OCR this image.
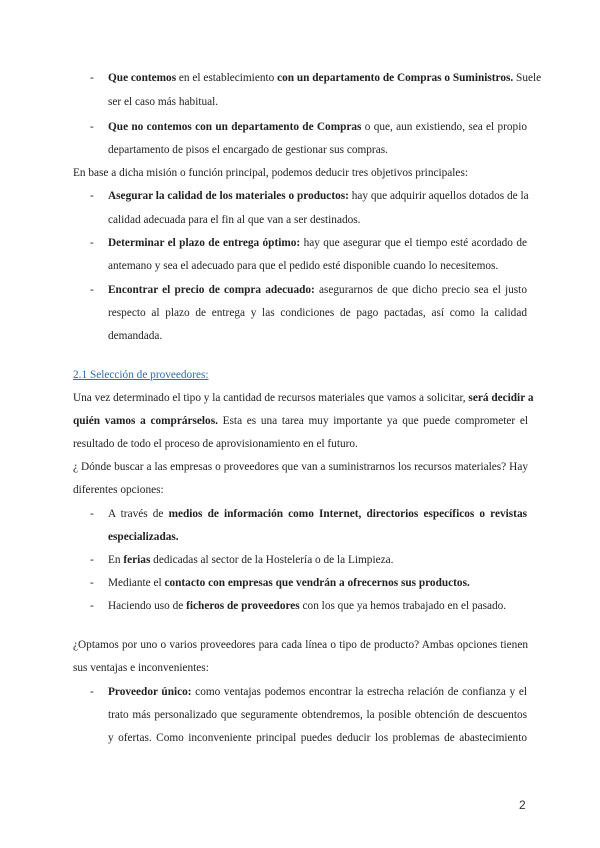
- Que contemos en el establecimiento con un departamento de Compras o Suministros. Suele
ser el caso más habitual.
- Que no contemos con un departamento de Compras o que, aun existiendo, sea el propio
departamento de pisos el encargado de gestionar sus compras.
En base a dicha misión o función principal, podemos deducir tres objetivos principales:
- Asegurar la calidad de los materiales o productos: hay que adquirir aquellos dotados de la
calidad adecuada para el fin al que van a ser destinados.
- Determinar el plazo de entrega óptimo: hay que asegurar que el tiempo esté acordado de
antemano y sea el adecuado para que el pedido esté disponible cuando lo necesitemos.
- Encontrar el precio de compra adecuado: asegurarnos de que dicho precio sea el justo
respecto al plazo de entrega y las condiciones de pago pactadas, así como la calidad
demandada.
2.1 Selección de proveedores:
Una vez determinado el tipo y la cantidad de recursos materiales que vamos a solicitar, será decidir a
quién vamos a comprárselos. Esta es una tarea muy importante ya que puede comprometer el
resultado de todo el proceso de aprovisionamiento en el futuro.
¿ Dónde buscar a las empresas o proveedores que van a suministrarnos los recursos materiales? Hay
diferentes opciones:
- A través de medios de información como Internet, directorios específicos o revistas
especializadas.
- En ferias dedicadas al sector de la Hostelería o de la Limpieza.
- Mediante el contacto con empresas que vendrán a ofrecernos sus productos.
- Haciendo uso de ficheros de proveedores con los que ya hemos trabajado en el pasado.
¿Optamos por uno o varios proveedores para cada línea o tipo de producto? Ambas opciones tienen
sus ventajas e inconvenientes:
- Proveedor único: como ventajas podemos encontrar la estrecha relación de confianza y el
trato más personalizado que seguramente obtendremos, la posible obtención de descuentos
y ofertas. Como inconveniente principal puedes deducir los problemas de abastecimiento
2
